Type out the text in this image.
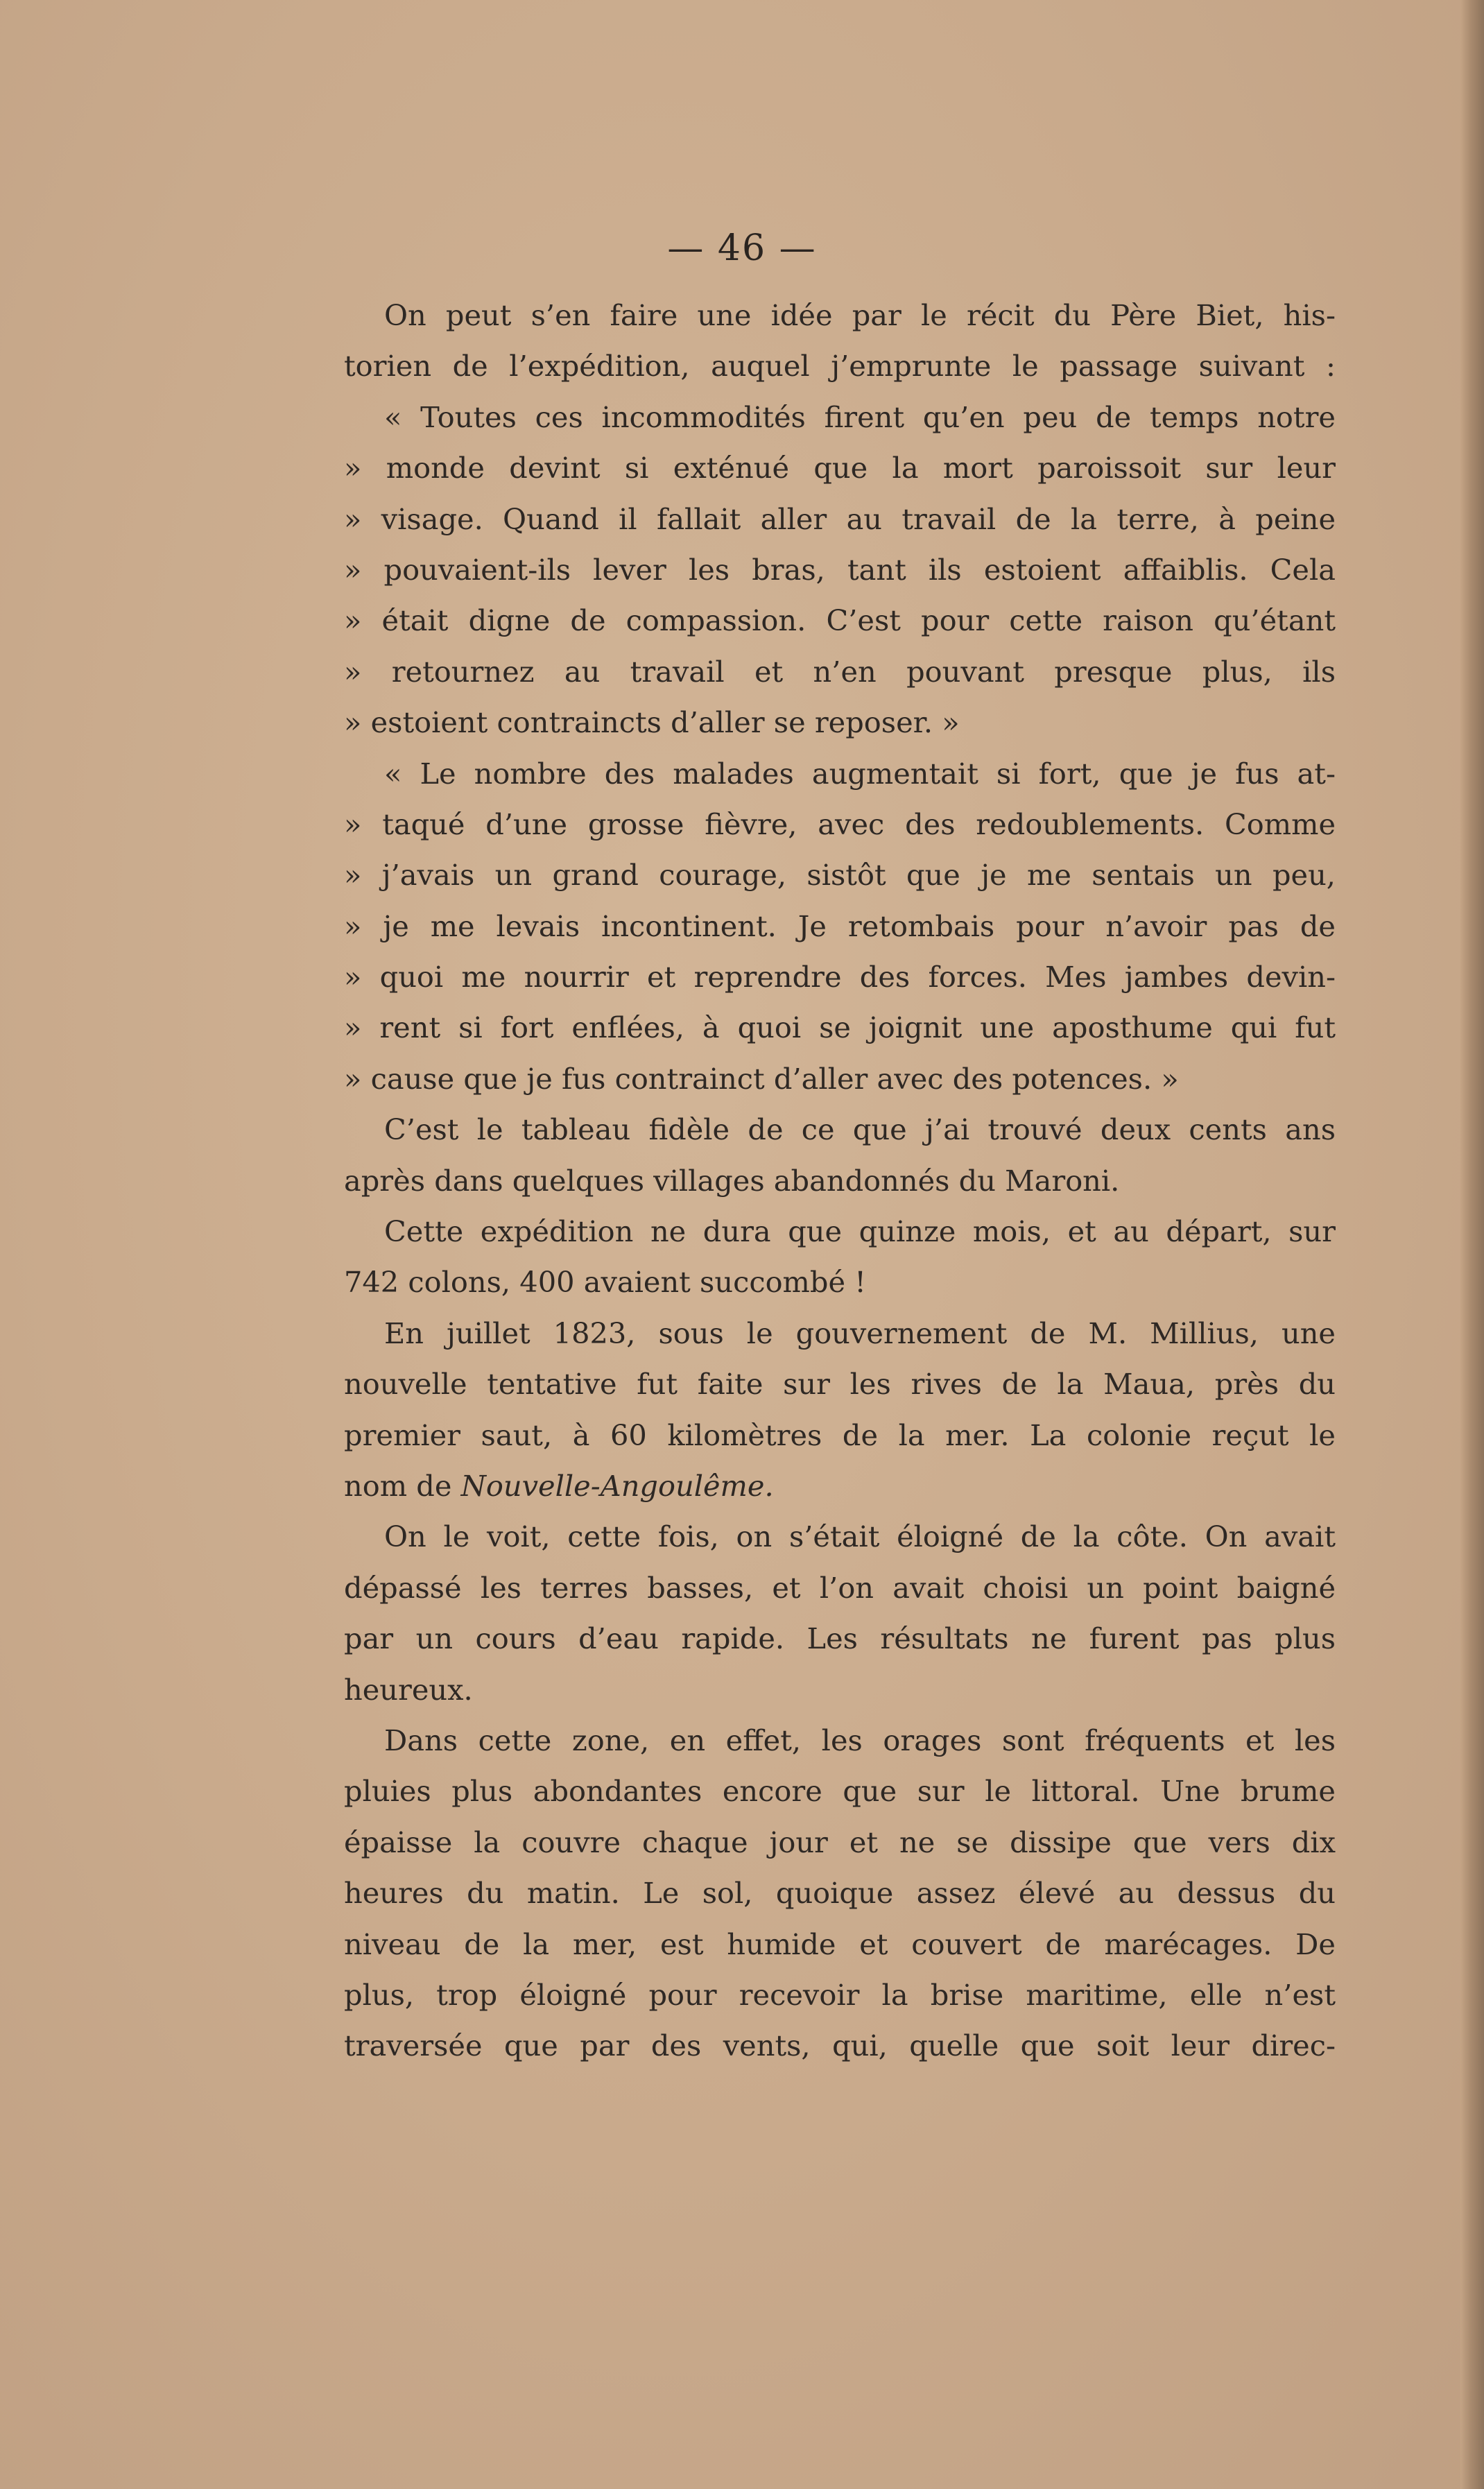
— 46 —
On peut s’en faire une idée par le récit du Père Biet, his-
torien de l’expédition, auquel j’emprunte le passage suivant :
« Toutes ces incommodités firent qu’en peu de temps notre
» monde devint si exténué que la mort paroissoit sur leur
» visage. Quand il fallait aller au travail de la terre, à peine
» pouvaient-ils lever les bras, tant ils estoient affaiblis. Cela
» était digne de compassion. C’est pour cette raison qu’étant
» retournez au travail et n’en pouvant presque plus, ils
» estoient contraincts d’aller se reposer. »
« Le nombre des malades augmentait si fort, que je fus at-
» taqué d’une grosse fièvre, avec des redoublements. Comme
» j’avais un grand courage, sistôt que je me sentais un peu,
» je me levais incontinent. Je retombais pour n’avoir pas de
» quoi me nourrir et reprendre des forces. Mes jambes devin-
» rent si fort enflées, à quoi se joignit une aposthume qui fut
» cause que je fus contrainct d’aller avec des potences. »
C’est le tableau fidèle de ce que j’ai trouvé deux cents ans
après dans quelques villages abandonnés du Maroni.
Cette expédition ne dura que quinze mois, et au départ, sur
742 colons, 400 avaient succombé !
En juillet 1823, sous le gouvernement de M. Millius, une
nouvelle tentative fut faite sur les rives de la Maua, près du
premier saut, à 60 kilomètres de la mer. La colonie reçut le
nom de Nouvelle-Angoulême.
On le voit, cette fois, on s’était éloigné de la côte. On avait
dépassé les terres basses, et l’on avait choisi un point baigné
par un cours d’eau rapide. Les résultats ne furent pas plus
heureux.
Dans cette zone, en effet, les orages sont fréquents et les
pluies plus abondantes encore que sur le littoral. Une brume
épaisse la couvre chaque jour et ne se dissipe que vers dix
heures du matin. Le sol, quoique assez élevé au dessus du
niveau de la mer, est humide et couvert de marécages. De
plus, trop éloigné pour recevoir la brise maritime, elle n’est
traversée que par des vents, qui, quelle que soit leur direc-
